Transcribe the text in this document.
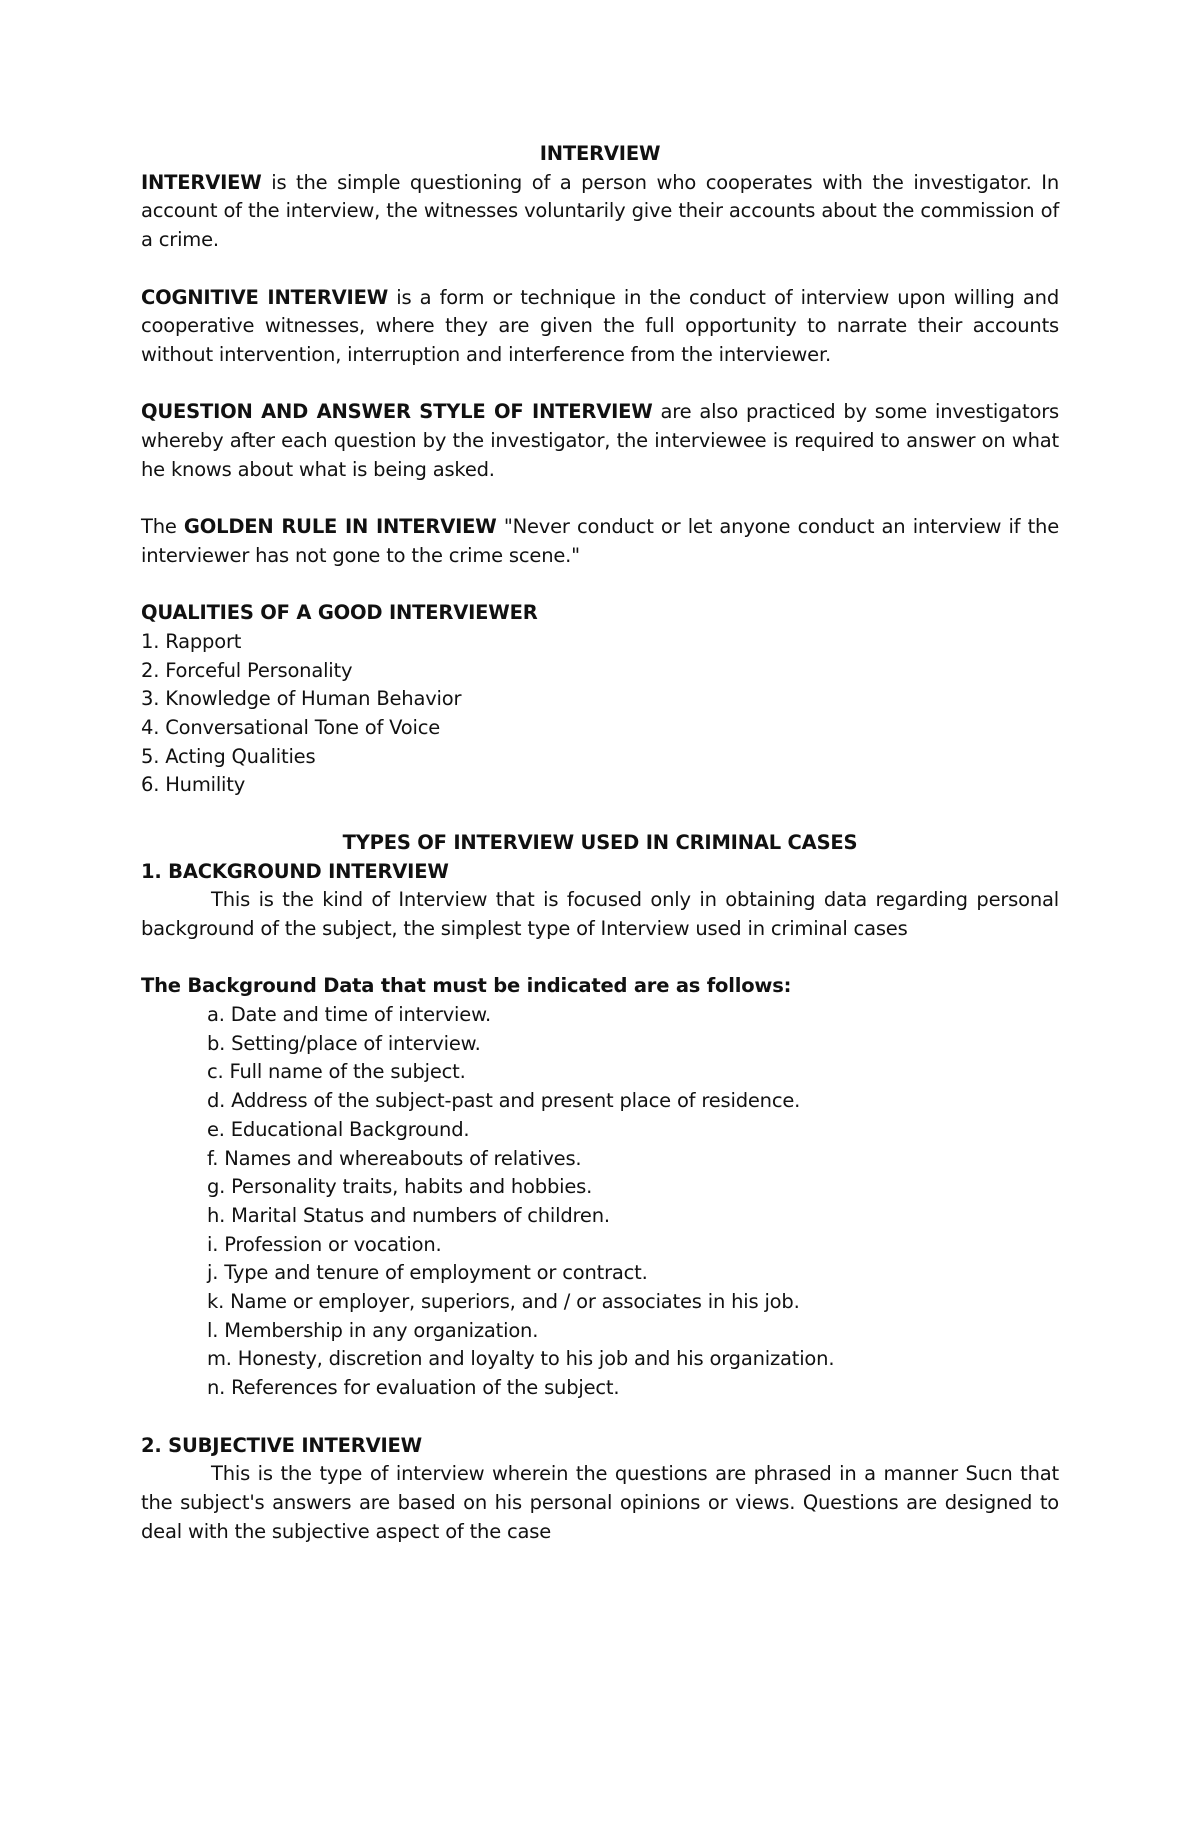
INTERVIEW

INTERVIEW is the simple questioning of a person who cooperates with the investigator. In account of the interview, the witnesses voluntarily give their accounts about the commission of a crime.

COGNITIVE INTERVIEW is a form or technique in the conduct of interview upon willing and cooperative witnesses, where they are given the full opportunity to narrate their accounts without intervention, interruption and interference from the interviewer.

QUESTION AND ANSWER STYLE OF INTERVIEW are also practiced by some investigators whereby after each question by the investigator, the interviewee is required to answer on what he knows about what is being asked.

The GOLDEN RULE IN INTERVIEW "Never conduct or let anyone conduct an interview if the interviewer has not gone to the crime scene."

QUALITIES OF A GOOD INTERVIEWER

1. Rapport
2. Forceful Personality
3. Knowledge of Human Behavior
4. Conversational Tone of Voice
5. Acting Qualities
6. Humility

TYPES OF INTERVIEW USED IN CRIMINAL CASES

1. BACKGROUND INTERVIEW

This is the kind of Interview that is focused only in obtaining data regarding personal background of the subject, the simplest type of Interview used in criminal cases

The Background Data that must be indicated are as follows:

a. Date and time of interview.
b. Setting/place of interview.
c. Full name of the subject.
d. Address of the subject-past and present place of residence.
e. Educational Background.
f. Names and whereabouts of relatives.
g. Personality traits, habits and hobbies.
h. Marital Status and numbers of children.
i. Profession or vocation.
j. Type and tenure of employment or contract.
k. Name or employer, superiors, and / or associates in his job.
l. Membership in any organization.
m. Honesty, discretion and loyalty to his job and his organization.
n. References for evaluation of the subject.

2. SUBJECTIVE INTERVIEW

This is the type of interview wherein the questions are phrased in a manner Sucn that the subject's answers are based on his personal opinions or views. Questions are designed to deal with the subjective aspect of the case
